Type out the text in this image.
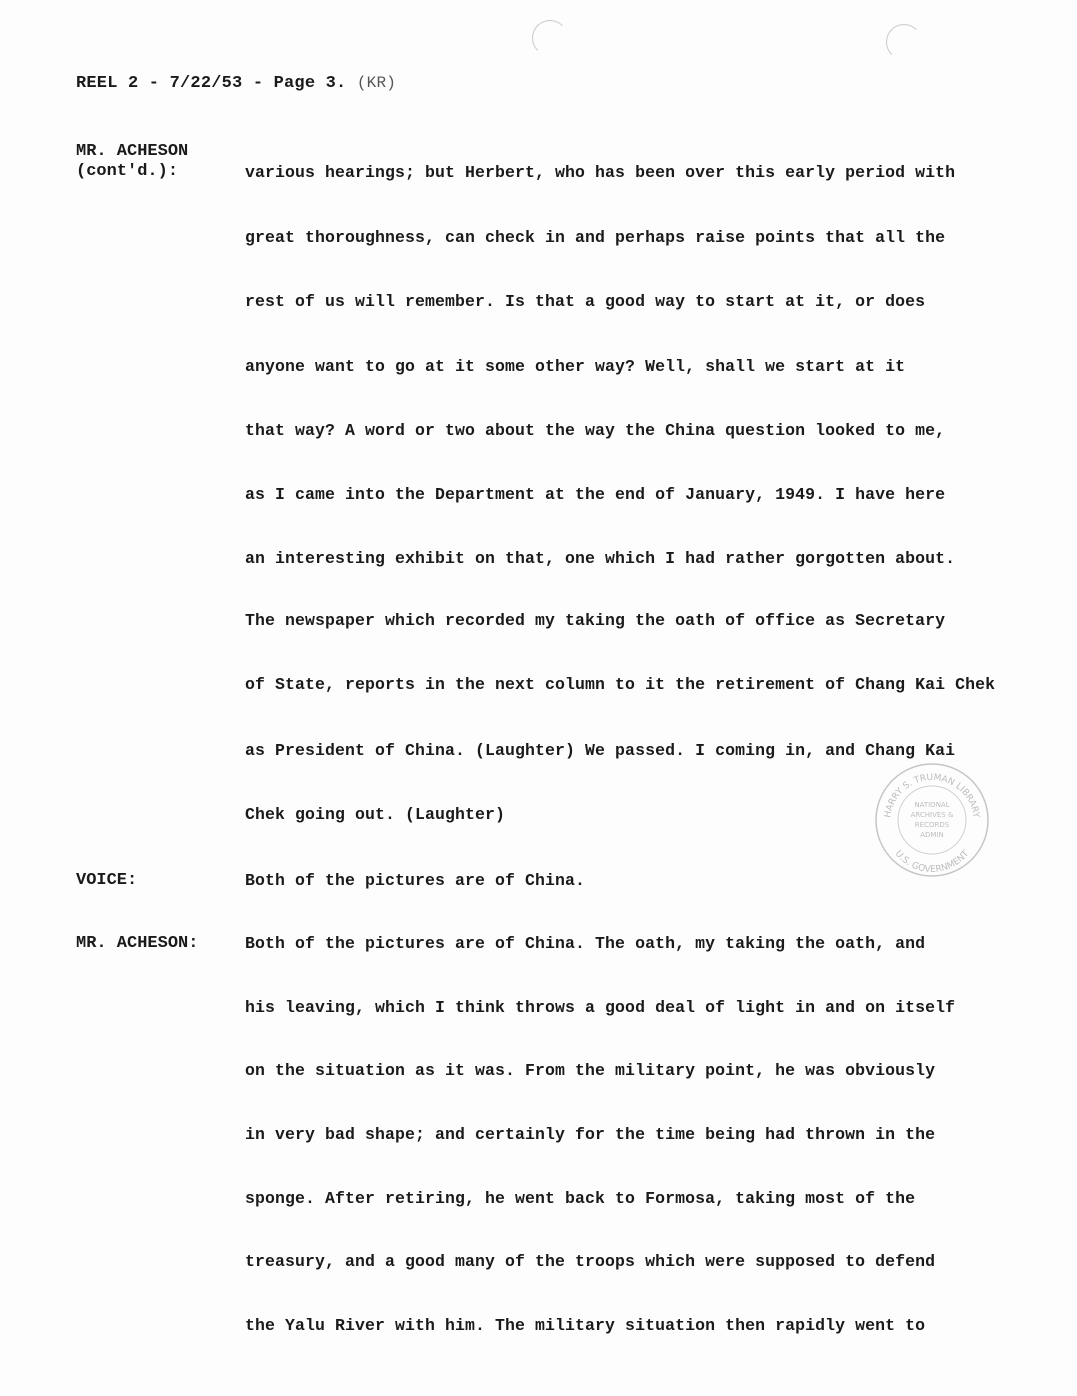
REEL 2 - 7/22/53 - Page 3. (KR)
MR. ACHESON
(cont'd.):	various hearings; but Herbert, who has been over this early period with
great thoroughness, can check in and perhaps raise points that all the
rest of us will remember. Is that a good way to start at it, or does
anyone want to go at it some other way? Well, shall we start at it
that way? A word or two about the way the China question looked to me,
as I came into the Department at the end of January, 1949. I have here
an interesting exhibit on that, one which I had rather gorgotten about.
The newspaper which recorded my taking the oath of office as Secretary
of State, reports in the next column to it the retirement of Chang Kai Chek
as President of China. (Laughter) We passed. I coming in, and Chang Kai
Chek going out. (Laughter)
VOICE:	Both of the pictures are of China.
MR. ACHESON:	Both of the pictures are of China. The oath, my taking the oath, and
his leaving, which I think throws a good deal of light in and on itself
on the situation as it was. From the military point, he was obviously
in very bad shape; and certainly for the time being had thrown in the
sponge. After retiring, he went back to Formosa, taking most of the
treasury, and a good many of the troops which were supposed to defend
the Yalu River with him. The military situation then rapidly went to
HARRY S. TRUMAN LIBRARY
U.S. GOVERNMENT
NATIONAL
ARCHIVES &
RECORDS
ADMIN
